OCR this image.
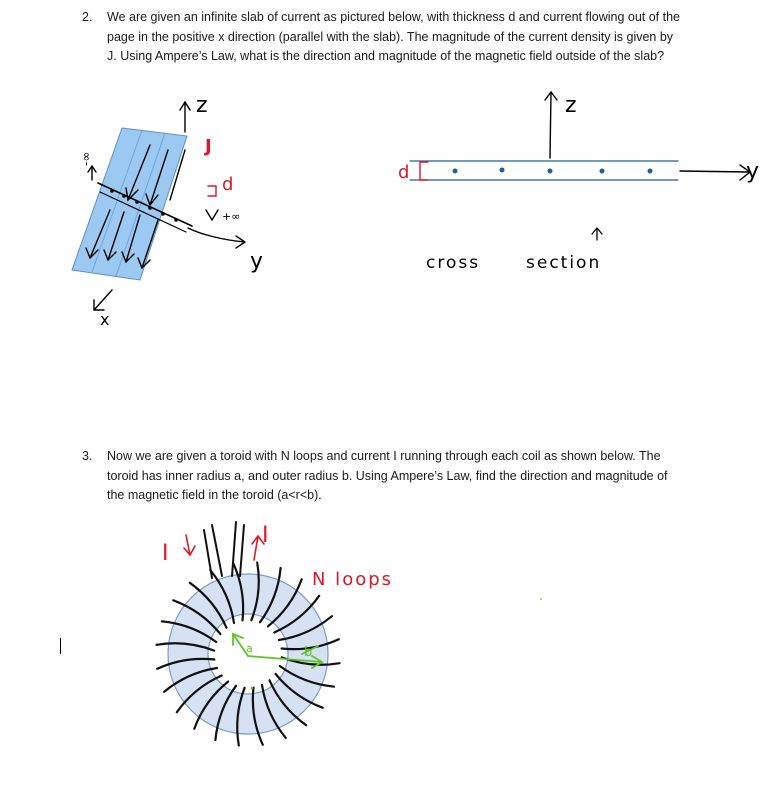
2. We are given an infinite slab of current as pictured below, with thickness d and current flowing out of the page in the positive x direction (parallel with the slab). The magnitude of the current density is given by J. Using Ampere’s Law, what is the direction and magnitude of the magnetic field outside of the slab?
z
J
d
y
x
-∞
+∞
z
d	y
cross	section
3. Now we are given a toroid with N loops and current I running through each coil as shown below. The toroid has inner radius a, and outer radius b. Using Ampere’s Law, find the direction and magnitude of the magnetic field in the toroid (a<r<b).
I
I
N loops
a	b
